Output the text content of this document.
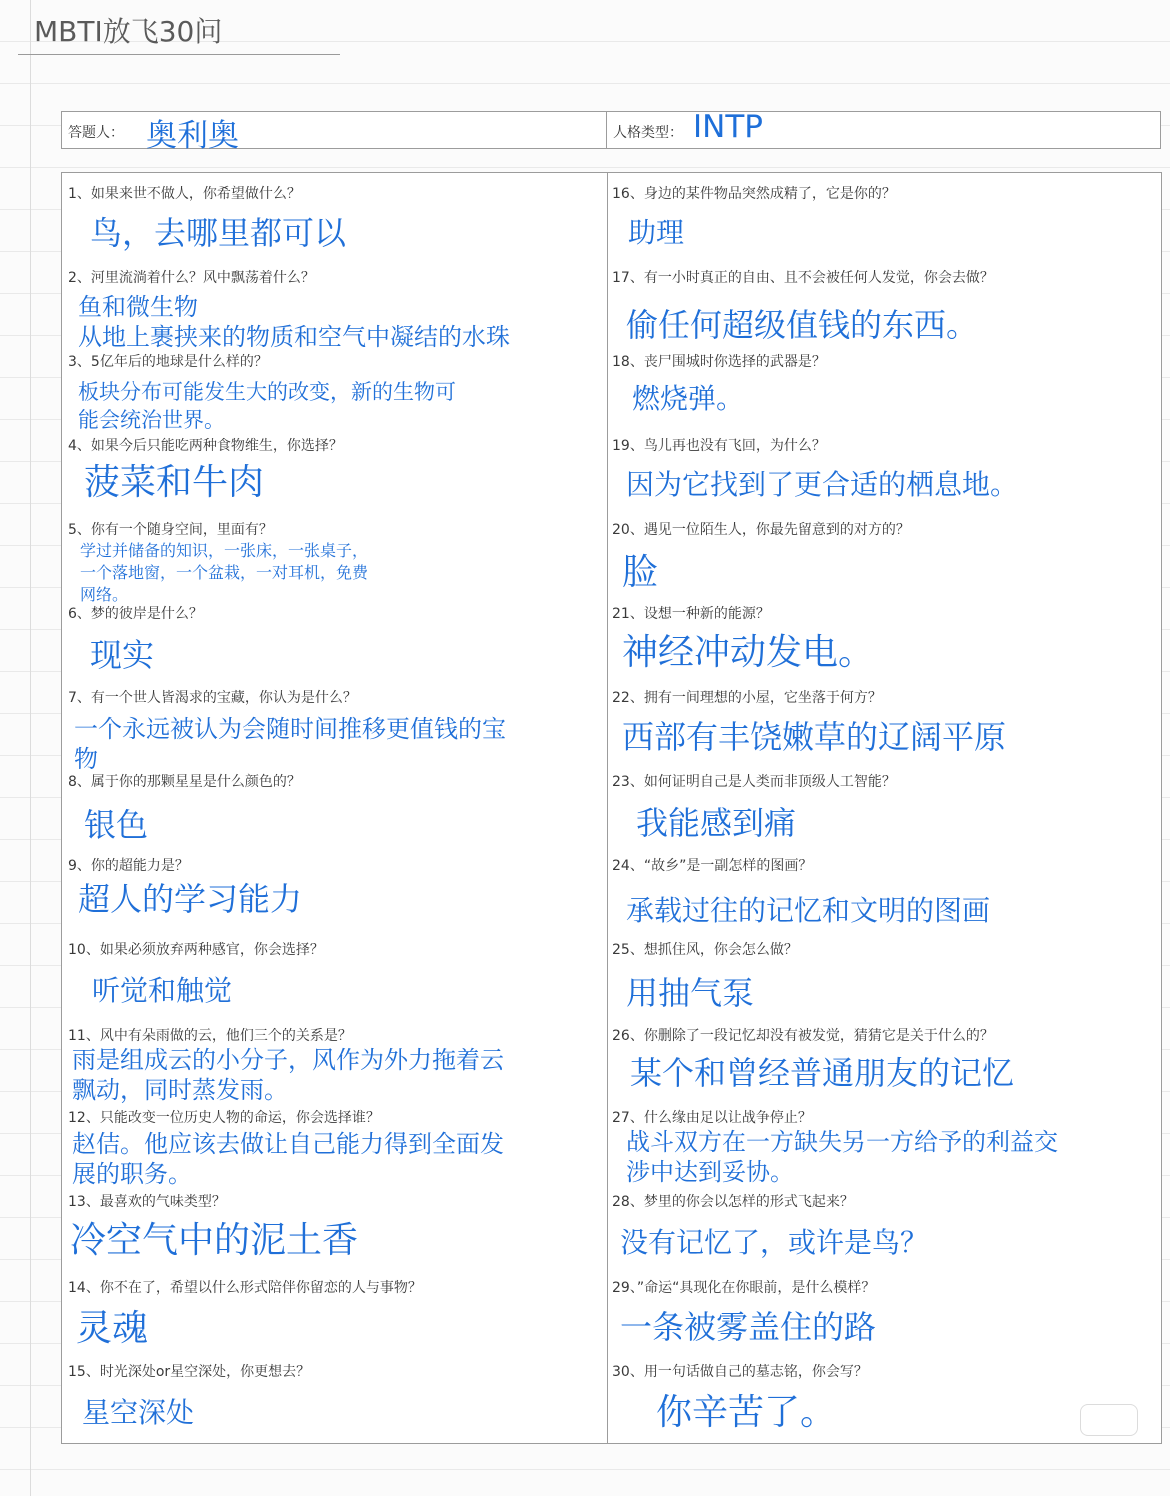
MBTI放飞30问
答题人： 奥利奥	人格类型： INTP
1、如果来世不做人，你希望做什么？
鸟，去哪里都可以
2、河里流淌着什么？风中飘荡着什么？
鱼和微生物
从地上裹挟来的物质和空气中凝结的水珠
3、5亿年后的地球是什么样的？
板块分布可能发生大的改变，新的生物可
能会统治世界。
4、如果今后只能吃两种食物维生，你选择？
菠菜和牛肉
5、你有一个随身空间，里面有？
学过并储备的知识，一张床，一张桌子，
一个落地窗，一个盆栽，一对耳机，免费
网络。
6、梦的彼岸是什么？
现实
7、有一个世人皆渴求的宝藏，你认为是什么？
一个永远被认为会随时间推移更值钱的宝
物
8、属于你的那颗星星是什么颜色的？
银色
9、你的超能力是？
超人的学习能力
10、如果必须放弃两种感官，你会选择？
听觉和触觉
11、风中有朵雨做的云，他们三个的关系是？
雨是组成云的小分子，风作为外力拖着云
飘动，同时蒸发雨。
12、只能改变一位历史人物的命运，你会选择谁？
赵佶。他应该去做让自己能力得到全面发
展的职务。
13、最喜欢的气味类型？
冷空气中的泥土香
14、你不在了，希望以什么形式陪伴你留恋的人与事物？
灵魂
15、时光深处or星空深处，你更想去？
星空深处
16、身边的某件物品突然成精了，它是你的？
助理
17、有一小时真正的自由、且不会被任何人发觉，你会去做？
偷任何超级值钱的东西。
18、丧尸围城时你选择的武器是？
燃烧弹。
19、鸟儿再也没有飞回，为什么？
因为它找到了更合适的栖息地。
20、遇见一位陌生人，你最先留意到的对方的？
脸
21、设想一种新的能源？
神经冲动发电。
22、拥有一间理想的小屋，它坐落于何方？
西部有丰饶嫩草的辽阔平原
23、如何证明自己是人类而非顶级人工智能？
我能感到痛
24、“故乡”是一副怎样的图画？
承载过往的记忆和文明的图画
25、想抓住风，你会怎么做？
用抽气泵
26、你删除了一段记忆却没有被发觉，猜猜它是关于什么的？
某个和曾经普通朋友的记忆
27、什么缘由足以让战争停止？
战斗双方在一方缺失另一方给予的利益交
涉中达到妥协。
28、梦里的你会以怎样的形式飞起来？
没有记忆了，或许是鸟？
29、”命运“具现化在你眼前，是什么模样？
一条被雾盖住的路
30、用一句话做自己的墓志铭，你会写？
你辛苦了。
